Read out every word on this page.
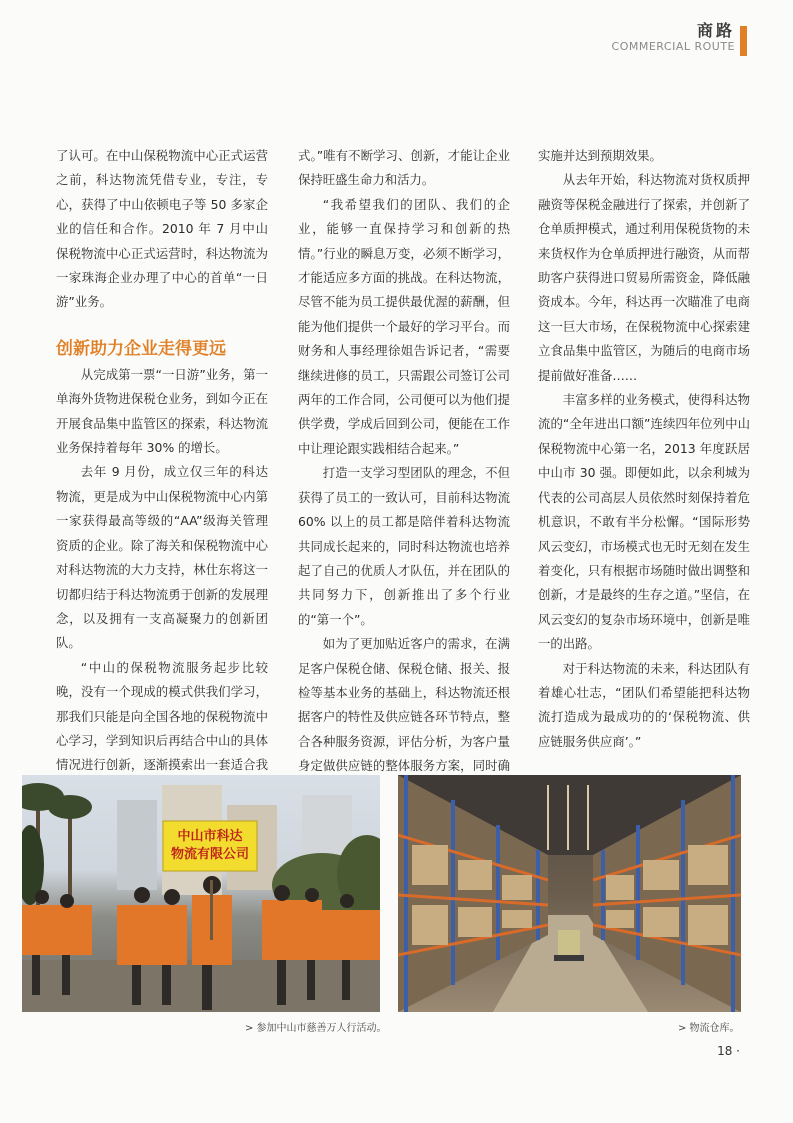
商路
COMMERCIAL ROUTE

了认可。在中山保税物流中心正式运营之前，科达物流凭借专业，专注，专心，获得了中山依顿电子等 50 多家企业的信任和合作。2010 年 7 月中山保税物流中心正式运营时，科达物流为一家珠海企业办理了中心的首单“一日游”业务。

创新助力企业走得更远

从完成第一票“一日游”业务，第一单海外货物进保税仓业务，到如今正在开展食品集中监管区的探索，科达物流业务保持着每年 30% 的增长。

去年 9 月份，成立仅三年的科达物流，更是成为中山保税物流中心内第一家获得最高等级的“AA”级海关管理资质的企业。除了海关和保税物流中心对科达物流的大力支持，林仕东将这一切都归结于科达物流勇于创新的发展理念，以及拥有一支高凝聚力的创新团队。

“中山的保税物流服务起步比较晚，没有一个现成的模式供我们学习，那我们只能是向全国各地的保税物流中心学习，学到知识后再结合中山的具体情况进行创新，逐渐摸索出一套适合我

式。”唯有不断学习、创新，才能让企业保持旺盛生命力和活力。

“我希望我们的团队、我们的企业，能够一直保持学习和创新的热情。”行业的瞬息万变，必须不断学习，才能适应多方面的挑战。在科达物流，尽管不能为员工提供最优渥的薪酬，但能为他们提供一个最好的学习平台。而财务和人事经理徐姐告诉记者，“需要继续进修的员工，只需跟公司签订公司两年的工作合同，公司便可以为他们提供学费，学成后回到公司，便能在工作中让理论跟实践相结合起来。”

打造一支学习型团队的理念，不但获得了员工的一致认可，目前科达物流 60% 以上的员工都是陪伴着科达物流共同成长起来的，同时科达物流也培养起了自己的优质人才队伍，并在团队的共同努力下，创新推出了多个行业的“第一个”。

如为了更加贴近客户的需求，在满足客户保税仓储、保税仓储、报关、报检等基本业务的基础上，科达物流还根据客户的特性及供应链各环节特点，整合各种服务资源，评估分析，为客户量身定做供应链的整体服务方案，同时确

实施并达到预期效果。

从去年开始，科达物流对货权质押融资等保税金融进行了探索，并创新了仓单质押模式，通过利用保税货物的未来货权作为仓单质押进行融资，从而帮助客户获得进口贸易所需资金，降低融资成本。今年，科达再一次瞄准了电商这一巨大市场，在保税物流中心探索建立食品集中监管区，为随后的电商市场提前做好准备……

丰富多样的业务模式，使得科达物流的“全年进出口额”连续四年位列中山保税物流中心第一名，2013 年度跃居中山市 30 强。即便如此，以余利城为代表的公司高层人员依然时刻保持着危机意识，不敢有半分松懈。“国际形势风云变幻，市场模式也无时无刻在发生着变化，只有根据市场随时做出调整和创新，才是最终的生存之道。”坚信，在风云变幻的复杂市场环境中，创新是唯一的出路。

对于科达物流的未来，科达团队有着雄心壮志，“团队们希望能把科达物流打造成为最成功的的‘保税物流、供应链服务供应商’。”

中山市科达
物流有限公司
> 参加中山市慈善万人行活动。	> 物流仓库。
18 ·
